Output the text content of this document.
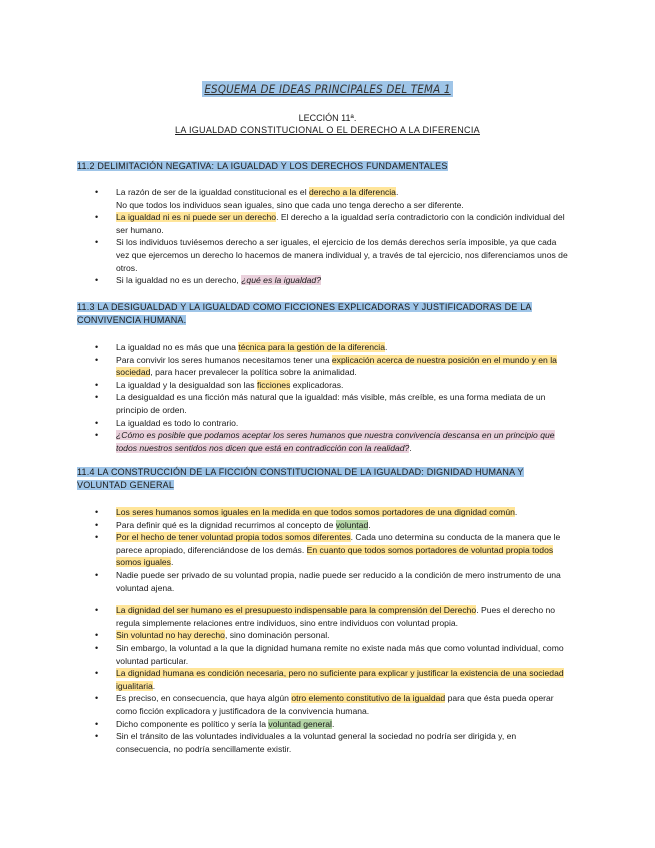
ESQUEMA DE IDEAS PRINCIPALES DEL TEMA 1
LECCIÓN 11ª.
LA IGUALDAD CONSTITUCIONAL O EL DERECHO A LA DIFERENCIA
11.2 DELIMITACIÓN NEGATIVA: LA IGUALDAD Y LOS DERECHOS FUNDAMENTALES
• La razón de ser de la igualdad constitucional es el derecho a la diferencia.
No que todos los individuos sean iguales, sino que cada uno tenga derecho a ser diferente.
• La igualdad ni es ni puede ser un derecho. El derecho a la igualdad sería contradictorio con la condición individual del ser humano.
• Si los individuos tuviésemos derecho a ser iguales, el ejercicio de los demás derechos sería imposible, ya que cada vez que ejercemos un derecho lo hacemos de manera individual y, a través de tal ejercicio, nos diferenciamos unos de otros.
• Si la igualdad no es un derecho, ¿qué es la igualdad?
11.3 LA DESIGUALDAD Y LA IGUALDAD COMO FICCIONES EXPLICADORAS Y JUSTIFICADORAS DE LA CONVIVENCIA HUMANA.
• La igualdad no es más que una técnica para la gestión de la diferencia.
• Para convivir los seres humanos necesitamos tener una explicación acerca de nuestra posición en el mundo y en la sociedad, para hacer prevalecer la política sobre la animalidad.
• La igualdad y la desigualdad son las ficciones explicadoras.
• La desigualdad es una ficción más natural que la igualdad: más visible, más creíble, es una forma mediata de un principio de orden.
• La igualdad es todo lo contrario.
• ¿Cómo es posible que podamos aceptar los seres humanos que nuestra convivencia descansa en un principio que todos nuestros sentidos nos dicen que está en contradicción con la realidad?.
11.4 LA CONSTRUCCIÓN DE LA FICCIÓN CONSTITUCIONAL DE LA IGUALDAD: DIGNIDAD HUMANA Y VOLUNTAD GENERAL
• Los seres humanos somos iguales en la medida en que todos somos portadores de una dignidad común.
• Para definir qué es la dignidad recurrimos al concepto de voluntad.
• Por el hecho de tener voluntad propia todos somos diferentes. Cada uno determina su conducta de la manera que le parece apropiado, diferenciándose de los demás. En cuanto que todos somos portadores de voluntad propia todos somos iguales.
• Nadie puede ser privado de su voluntad propia, nadie puede ser reducido a la condición de mero instrumento de una voluntad ajena.
• La dignidad del ser humano es el presupuesto indispensable para la comprensión del Derecho. Pues el derecho no regula simplemente relaciones entre individuos, sino entre individuos con voluntad propia.
• Sin voluntad no hay derecho, sino dominación personal.
• Sin embargo, la voluntad a la que la dignidad humana remite no existe nada más que como voluntad individual, como voluntad particular.
• La dignidad humana es condición necesaria, pero no suficiente para explicar y justificar la existencia de una sociedad igualitaria.
• Es preciso, en consecuencia, que haya algún otro elemento constitutivo de la igualdad para que ésta pueda operar como ficción explicadora y justificadora de la convivencia humana.
• Dicho componente es político y sería la voluntad general.
• Sin el tránsito de las voluntades individuales a la voluntad general la sociedad no podría ser dirigida y, en consecuencia, no podría sencillamente existir.
